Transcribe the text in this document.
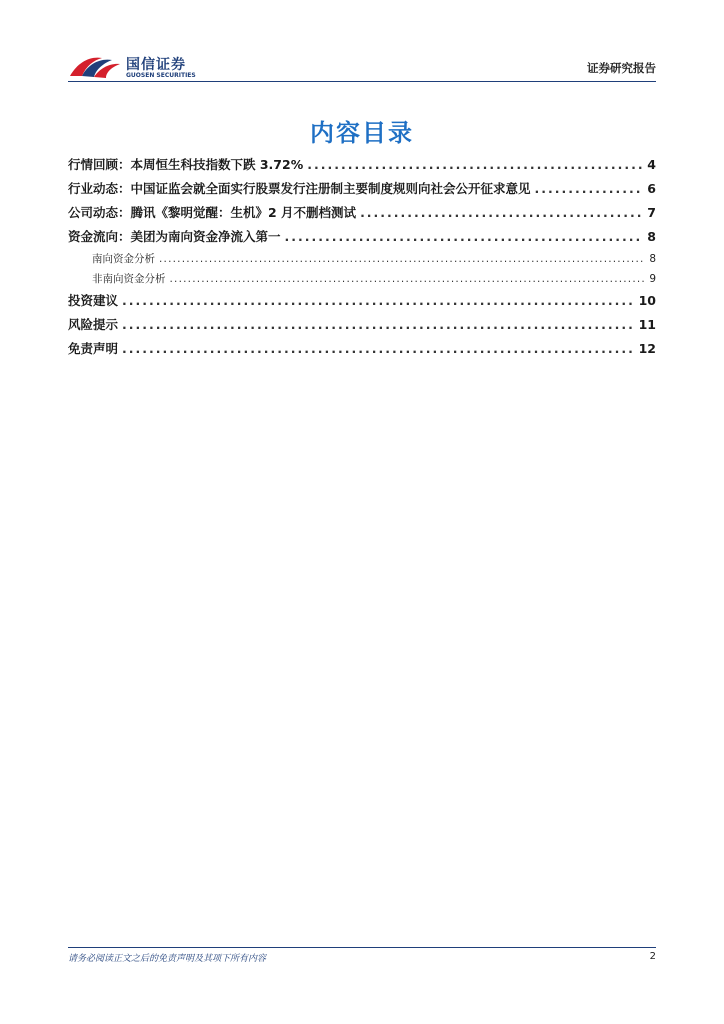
国信证券
GUOSEN SECURITIES
证券研究报告
内容目录
行情回顾：本周恒生科技指数下跌 3.72% .....	4
行业动态：中国证监会就全面实行股票发行注册制主要制度规则向社会公开征求意见 .....	6
公司动态：腾讯《黎明觉醒：生机》2 月不删档测试 .....	7
资金流向：美团为南向资金净流入第一 .....	8
南向资金分析 .....	8
非南向资金分析 .....	9
投资建议 .....	10
风险提示 .....	11
免责声明 .....	12
请务必阅读正文之后的免责声明及其项下所有内容	2
